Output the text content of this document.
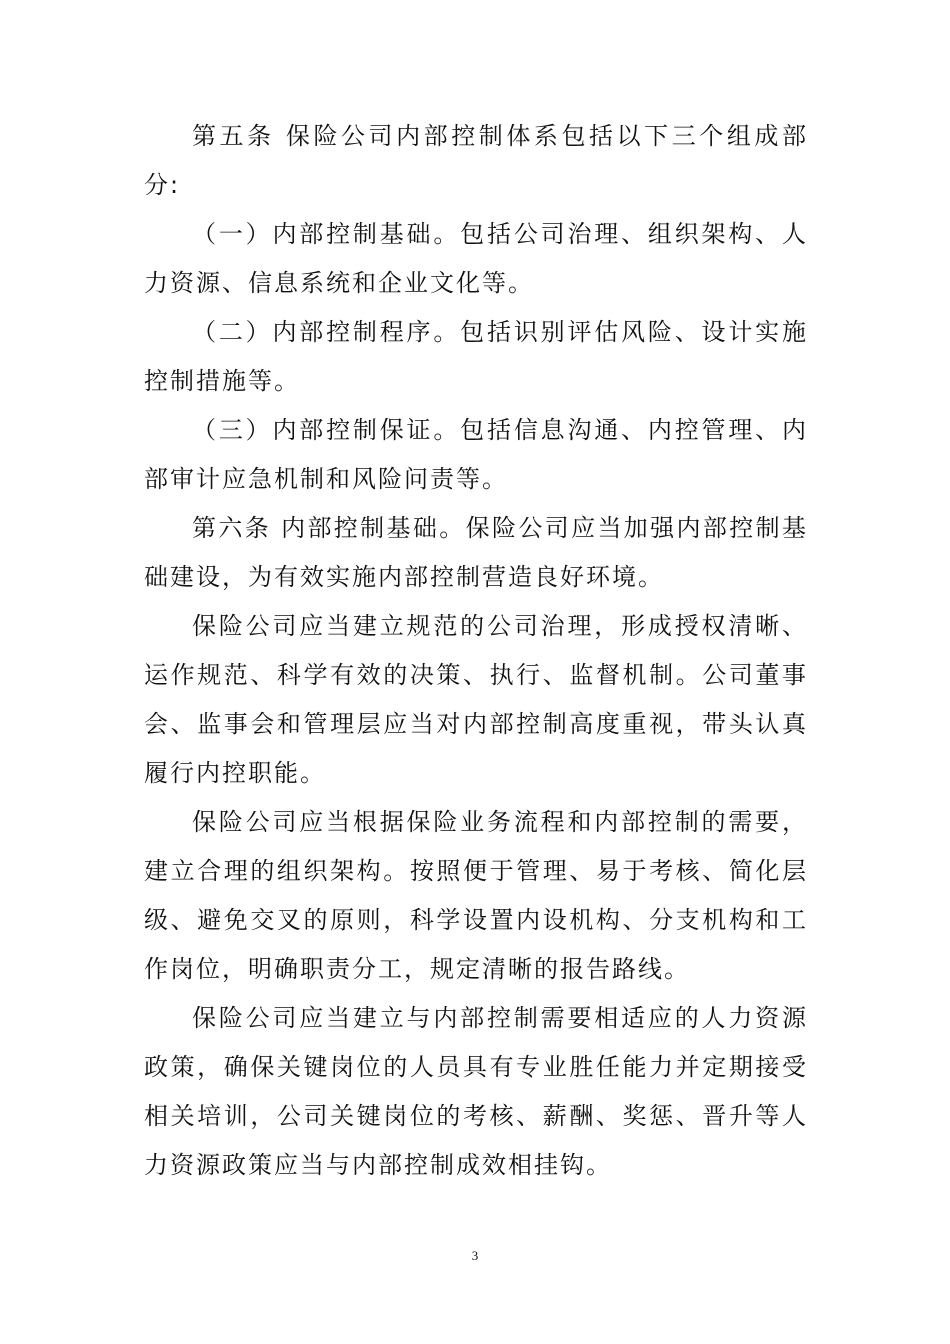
第五条 保险公司内部控制体系包括以下三个组成部分:

（一）内部控制基础。包括公司治理、组织架构、人力资源、信息系统和企业文化等。

（二）内部控制程序。包括识别评估风险、设计实施控制措施等。

（三）内部控制保证。包括信息沟通、内控管理、内部审计应急机制和风险问责等。

第六条 内部控制基础。保险公司应当加强内部控制基础建设，为有效实施内部控制营造良好环境。

保险公司应当建立规范的公司治理，形成授权清晰、运作规范、科学有效的决策、执行、监督机制。公司董事会、监事会和管理层应当对内部控制高度重视，带头认真履行内控职能。

保险公司应当根据保险业务流程和内部控制的需要，建立合理的组织架构。按照便于管理、易于考核、简化层级、避免交叉的原则，科学设置内设机构、分支机构和工作岗位，明确职责分工，规定清晰的报告路线。

保险公司应当建立与内部控制需要相适应的人力资源政策，确保关键岗位的人员具有专业胜任能力并定期接受相关培训，公司关键岗位的考核、薪酬、奖惩、晋升等人力资源政策应当与内部控制成效相挂钩。

3
